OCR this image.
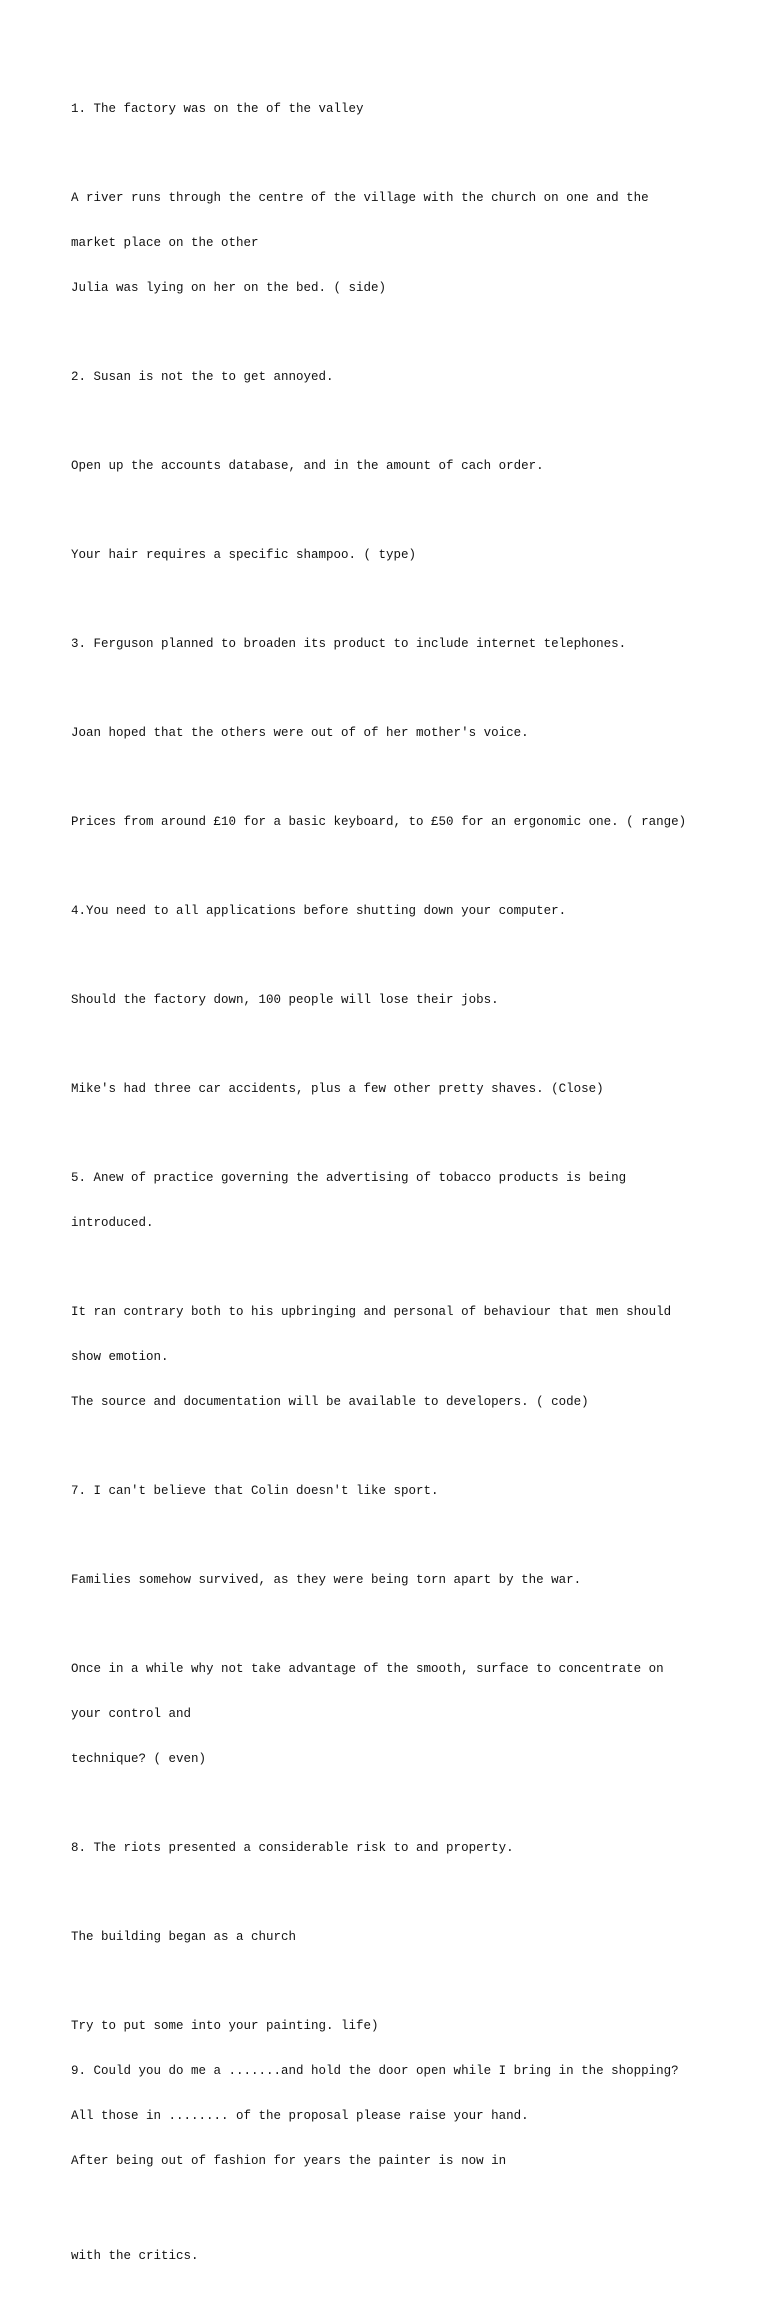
1. The factory was on the of the valley

A river runs through the centre of the village with the church on one and the

market place on the other

Julia was lying on her on the bed. ( side)

2. Susan is not the to get annoyed.

Open up the accounts database, and in the amount of cach order.

Your hair requires a specific shampoo. ( type)

3. Ferguson planned to broaden its product to include internet telephones.

Joan hoped that the others were out of of her mother's voice.

Prices from around £10 for a basic keyboard, to £50 for an ergonomic one. ( range)

4.You need to all applications before shutting down your computer.

Should the factory down, 100 people will lose their jobs.

Mike's had three car accidents, plus a few other pretty shaves. (Close)

5. Anew of practice governing the advertising of tobacco products is being

introduced.

It ran contrary both to his upbringing and personal of behaviour that men should

show emotion.

The source and documentation will be available to developers. ( code)

7. I can't believe that Colin doesn't like sport.

Families somehow survived, as they were being torn apart by the war.

Once in a while why not take advantage of the smooth, surface to concentrate on

your control and

technique? ( even)

8. The riots presented a considerable risk to and property.

The building began as a church

Try to put some into your painting. life)

9. Could you do me a .......and hold the door open while I bring in the shopping?

All those in ........ of the proposal please raise your hand.

After being out of fashion for years the painter is now in

with the critics.
